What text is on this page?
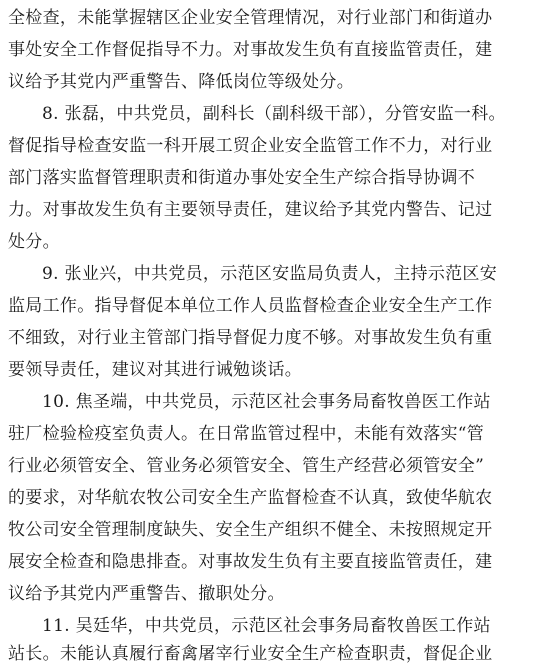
全检查，未能掌握辖区企业安全管理情况，对行业部门和街道办
事处安全工作督促指导不力。对事故发生负有直接监管责任，建
议给予其党内严重警告、降低岗位等级处分。
8. 张磊，中共党员，副科长（副科级干部），分管安监一科。
督促指导检查安监一科开展工贸企业安全监管工作不力，对行业
部门落实监督管理职责和街道办事处安全生产综合指导协调不
力。对事故发生负有主要领导责任，建议给予其党内警告、记过
处分。
9. 张业兴，中共党员，示范区安监局负责人，主持示范区安
监局工作。指导督促本单位工作人员监督检查企业安全生产工作
不细致，对行业主管部门指导督促力度不够。对事故发生负有重
要领导责任，建议对其进行诫勉谈话。
10. 焦圣端，中共党员，示范区社会事务局畜牧兽医工作站
驻厂检验检疫室负责人。在日常监管过程中，未能有效落实“管
行业必须管安全、管业务必须管安全、管生产经营必须管安全”
的要求，对华航农牧公司安全生产监督检查不认真，致使华航农
牧公司安全管理制度缺失、安全生产组织不健全、未按照规定开
展安全检查和隐患排查。对事故发生负有主要直接监管责任，建
议给予其党内严重警告、撤职处分。
11. 吴廷华，中共党员，示范区社会事务局畜牧兽医工作站
站长。未能认真履行畜禽屠宰行业安全生产检查职责，督促企业
